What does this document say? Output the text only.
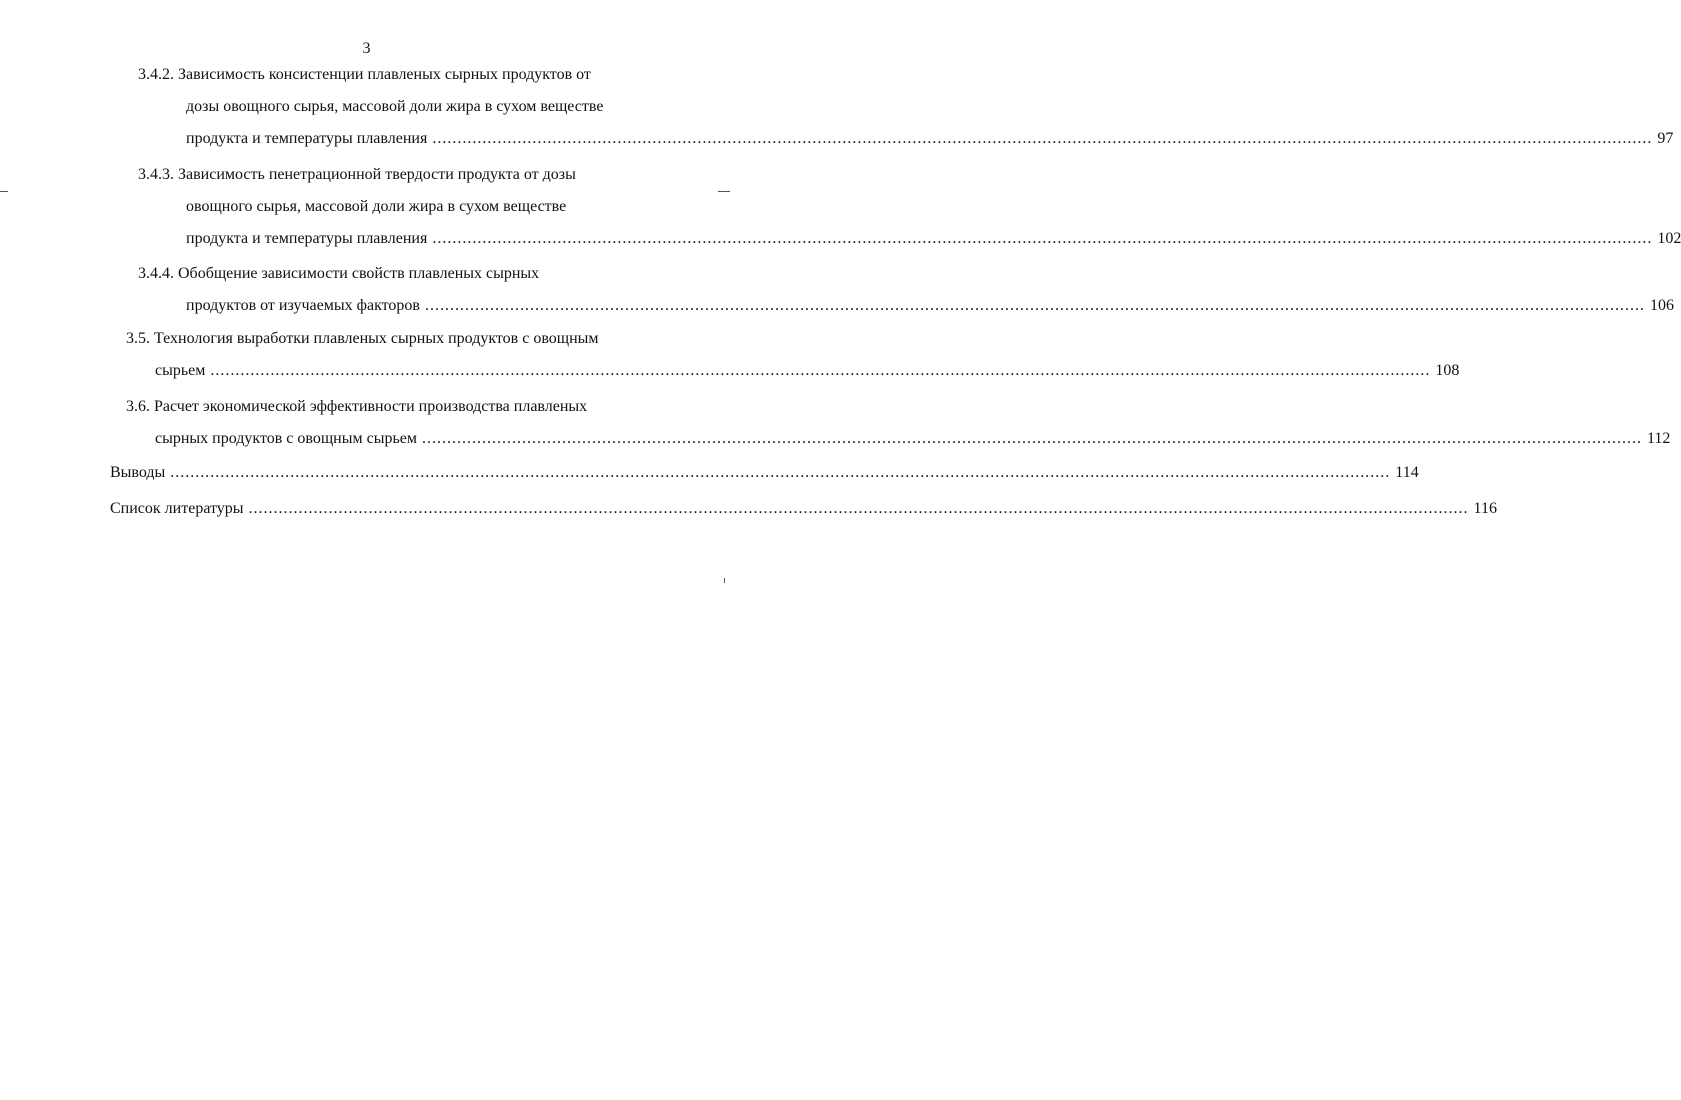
3
3.4.2. Зависимость консистенции плавленых сырных продуктов от
дозы овощного сырья, массовой доли жира в сухом веществе
продукта и температуры плавления .................................................................................................................................................................................................................................................... 97
3.4.3. Зависимость пенетрационной твердости продукта от дозы
овощного сырья, массовой доли жира в сухом веществе
продукта и температуры плавления .................................................................................................................................................................................................................................................... 102
3.4.4. Обобщение зависимости свойств плавленых сырных
продуктов от изучаемых факторов .................................................................................................................................................................................................................................................... 106
3.5. Технология выработки плавленых сырных продуктов с овощным
сырьем .................................................................................................................................................................................................................................................... 108
3.6. Расчет экономической эффективности производства плавленых
сырных продуктов с овощным сырьем .................................................................................................................................................................................................................................................... 112
Выводы .................................................................................................................................................................................................................................................... 114
Список литературы .................................................................................................................................................................................................................................................... 116
